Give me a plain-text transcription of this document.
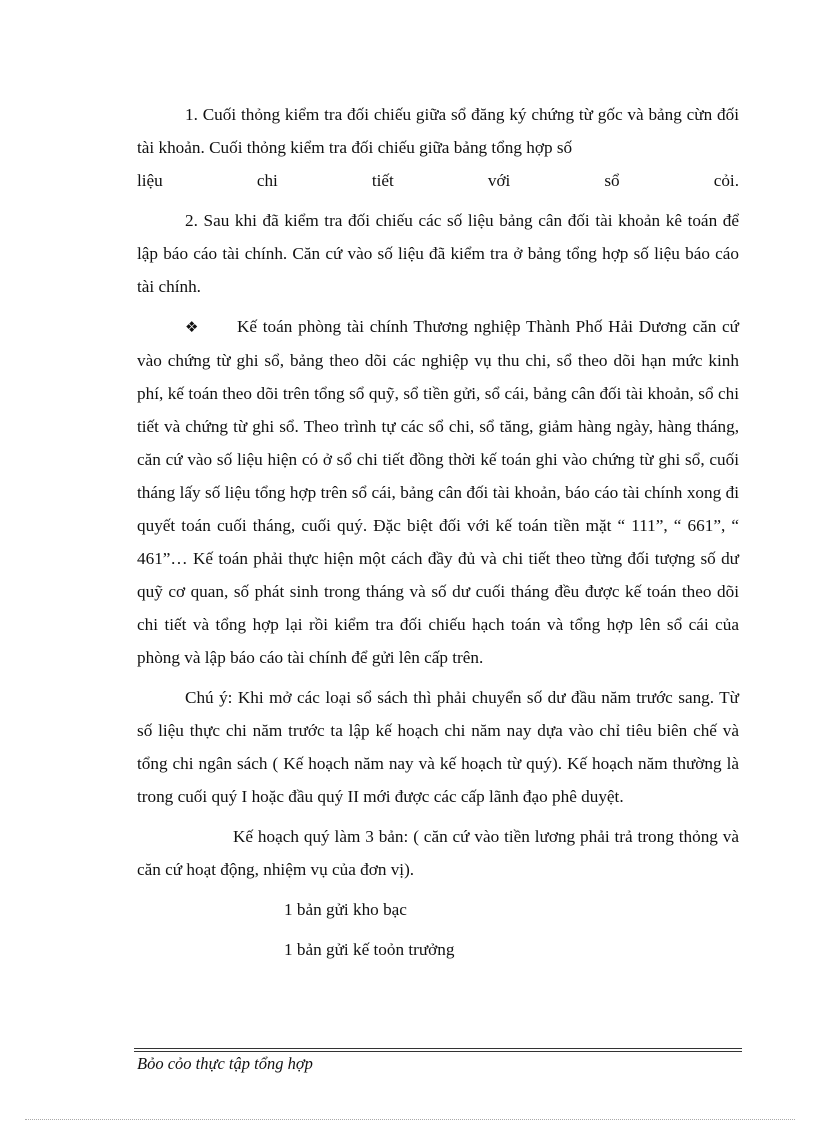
1. Cuối thỏng kiểm tra đối chiếu giữa sổ đăng ký chứng từ gốc và bảng cừn đối tài khoản. Cuối thỏng kiểm tra đối chiếu giữa bảng tổng hợp số

liệu chi tiết với sổ cỏi.

2. Sau khi đã kiểm tra đối chiếu các số liệu bảng cân đối tài khoản kê toán để lập báo cáo tài chính. Căn cứ vào số liệu đã kiểm tra ở bảng tổng hợp số liệu báo cáo tài chính.

❖ Kế toán phòng tài chính Thương nghiệp Thành Phố Hải Dương căn cứ vào chứng từ ghi sổ, bảng theo dõi các nghiệp vụ thu chi, sổ theo dõi hạn mức kinh phí, kế toán theo dõi trên tổng sổ quỹ, sổ tiền gửi, sổ cái, bảng cân đối tài khoản, sổ chi tiết và chứng từ ghi sổ. Theo trình tự các sổ chi, sổ tăng, giảm hàng ngày, hàng tháng, căn cứ vào số liệu hiện có ở sổ chi tiết đồng thời kế toán ghi vào chứng từ ghi sổ, cuối tháng lấy số liệu tổng hợp trên sổ cái, bảng cân đối tài khoản, báo cáo tài chính xong đi quyết toán cuối tháng, cuối quý. Đặc biệt đối với kế toán tiền mặt “ 111”, “ 661”, “ 461”… Kế toán phải thực hiện một cách đầy đủ và chi tiết theo từng đối tượng số dư quỹ cơ quan, số phát sinh trong tháng và số dư cuối tháng đều được kế toán theo dõi chi tiết và tổng hợp lại rồi kiểm tra đối chiếu hạch toán và tổng hợp lên sổ cái của phòng và lập báo cáo tài chính để gửi lên cấp trên.

Chú ý: Khi mở các loại sổ sách thì phải chuyển số dư đầu năm trước sang. Từ số liệu thực chi năm trước ta lập kế hoạch chi năm nay dựa vào chỉ tiêu biên chế và tổng chi ngân sách ( Kế hoạch năm nay và kế hoạch từ quý). Kế hoạch năm thường là trong cuối quý I hoặc đầu quý II mới được các cấp lãnh đạo phê duyệt.

Kế hoạch quý làm 3 bản: ( căn cứ vào tiền lương phải trả trong thỏng và căn cứ hoạt động, nhiệm vụ của đơn vị).

1 bản gửi kho bạc

1 bản gửi kế toỏn trưởng

Bỏo cỏo thực tập tổng hợp
